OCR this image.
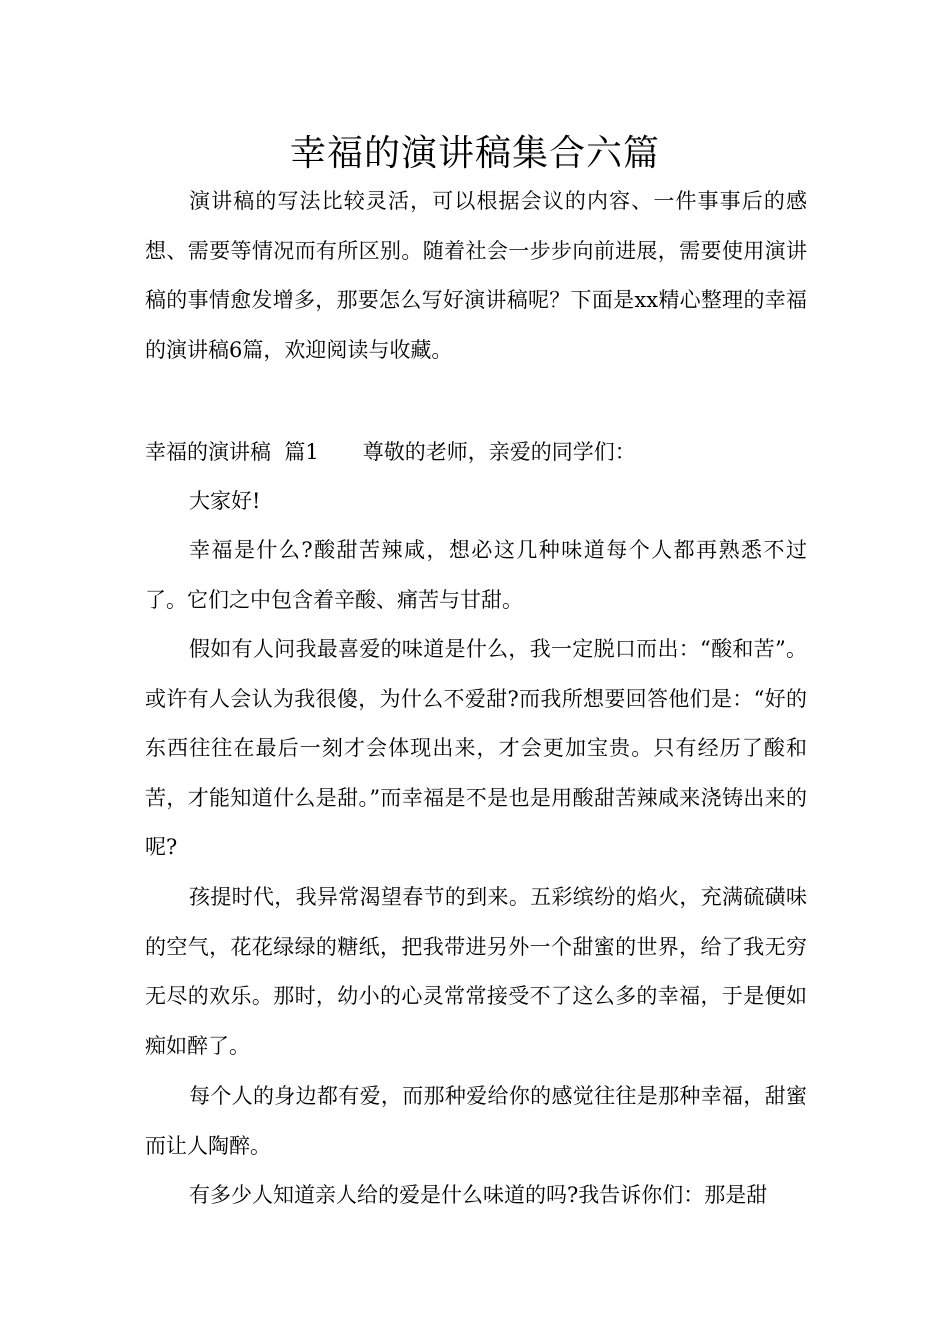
幸福的演讲稿集合六篇

演讲稿的写法比较灵活，可以根据会议的内容、一件事事后的感想、需要等情况而有所区别。随着社会一步步向前进展，需要使用演讲稿的事情愈发增多，那要怎么写好演讲稿呢？下面是xx精心整理的幸福的演讲稿6篇，欢迎阅读与收藏。

幸福的演讲稿  篇1 尊敬的老师，亲爱的同学们：

大家好!

幸福是什么?酸甜苦辣咸，想必这几种味道每个人都再熟悉不过了。它们之中包含着辛酸、痛苦与甘甜。

假如有人问我最喜爱的味道是什么，我一定脱口而出：“酸和苦”。或许有人会认为我很傻，为什么不爱甜?而我所想要回答他们是：“好的东西往往在最后一刻才会体现出来，才会更加宝贵。只有经历了酸和苦，才能知道什么是甜。”而幸福是不是也是用酸甜苦辣咸来浇铸出来的呢?

孩提时代，我异常渴望春节的到来。五彩缤纷的焰火，充满硫磺味的空气，花花绿绿的糖纸，把我带进另外一个甜蜜的世界，给了我无穷无尽的欢乐。那时，幼小的心灵常常接受不了这么多的幸福，于是便如痴如醉了。

每个人的身边都有爱，而那种爱给你的感觉往往是那种幸福，甜蜜而让人陶醉。

有多少人知道亲人给的爱是什么味道的吗?我告诉你们：那是甜
